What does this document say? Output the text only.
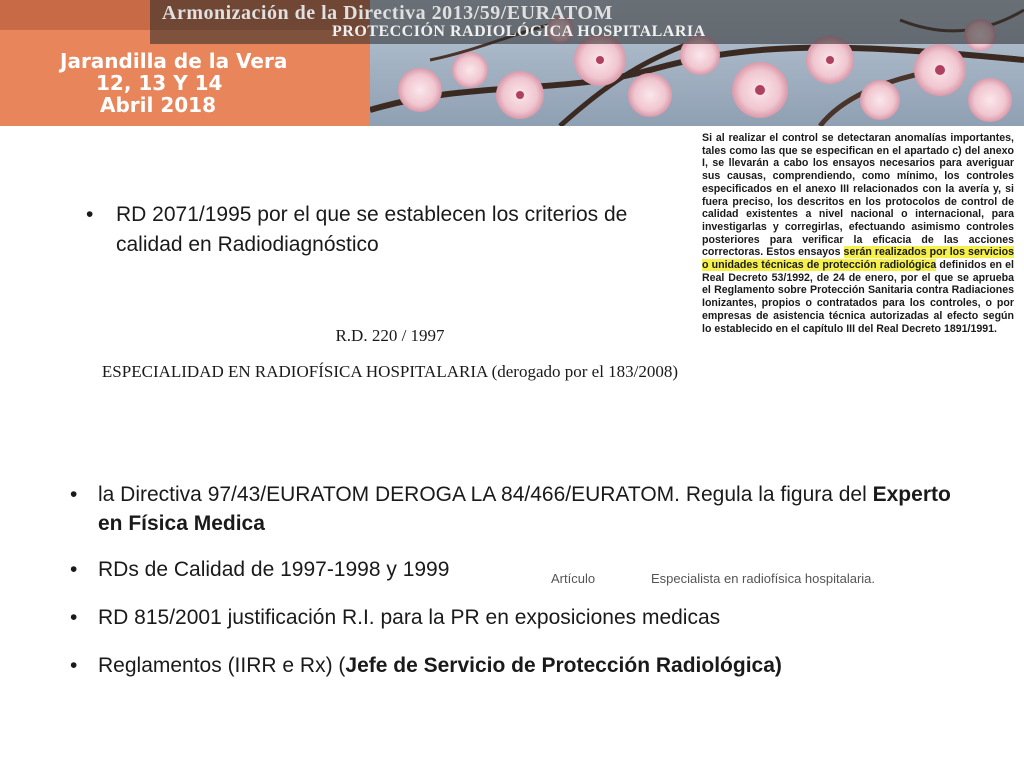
Armonización de la Directiva 2013/59/EURATOM
PROTECCIÓN RADIOLÓGICA HOSPITALARIA
Jarandilla de la Vera
12, 13 Y 14
Abril 2018
Si al realizar el control se detectaran anomalías importantes, tales como las que se especifican en el apartado c) del anexo I, se llevarán a cabo los ensayos necesarios para averiguar sus causas, comprendiendo, como mínimo, los controles especificados en el anexo III relacionados con la avería y, si fuera preciso, los descritos en los protocolos de control de calidad existentes a nivel nacional o internacional, para investigarlas y corregirlas, efectuando asimismo controles posteriores para verificar la eficacia de las acciones correctoras. Estos ensayos serán realizados por los servicios o unidades técnicas de protección radiológica definidos en el Real Decreto 53/1992, de 24 de enero, por el que se aprueba el Reglamento sobre Protección Sanitaria contra Radiaciones Ionizantes, propios o contratados para los controles, o por empresas de asistencia técnica autorizadas al efecto según lo establecido en el capítulo III del Real Decreto 1891/1991.
•	RD 2071/1995 por el que se establecen los criterios de calidad en Radiodiagnóstico
R.D. 220 / 1997
ESPECIALIDAD EN RADIOFÍSICA HOSPITALARIA (derogado por el 183/2008)
• la Directiva 97/43/EURATOM DEROGA LA 84/466/EURATOM. Regula la figura del Experto en Física Medica
• RDs de Calidad de 1997-1998 y 1999
• RD 815/2001 justificación R.I. para la PR en exposiciones medicas
• Reglamentos (IIRR e Rx) (Jefe de Servicio de Protección Radiológica)
Artículo	Especialista en radiofísica hospitalaria.
